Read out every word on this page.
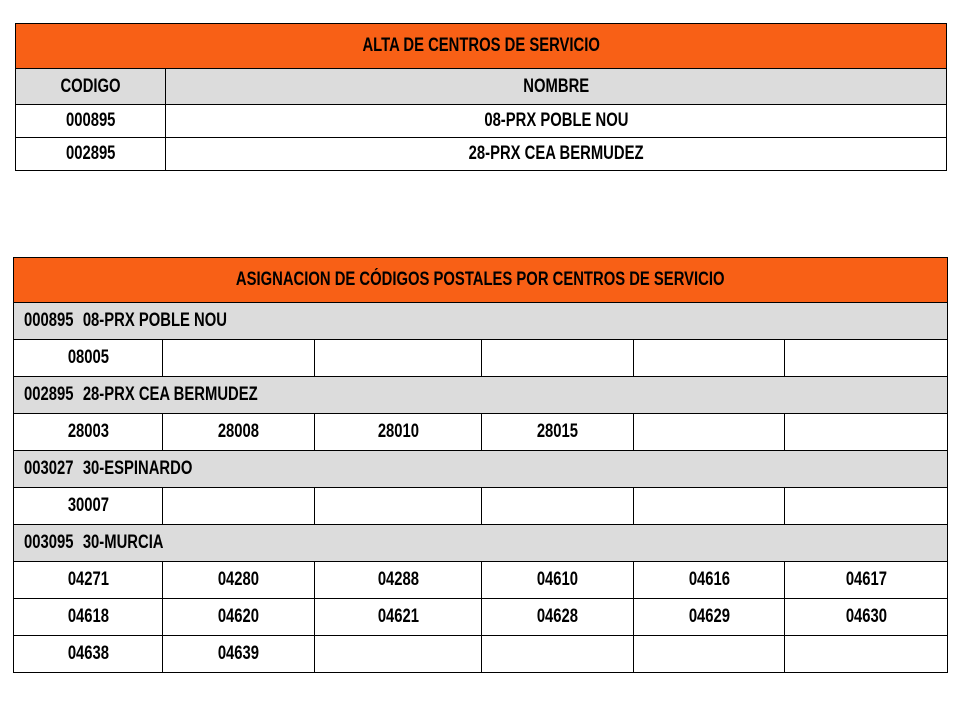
ALTA DE CENTROS DE SERVICIO	
CODIGO	NOMBRE
000895	08-PRX POBLE NOU
002895	28-PRX CEA BERMUDEZ
ASIGNACION DE CÓDIGOS POSTALES POR CENTROS DE SERVICIO					
000895 08-PRX POBLE NOU					
08005					
002895 28-PRX CEA BERMUDEZ					
28003	28008	28010	28015		
003027 30-ESPINARDO					
30007					
003095 30-MURCIA					
04271	04280	04288	04610	04616	04617
04618	04620	04621	04628	04629	04630
04638	04639				
